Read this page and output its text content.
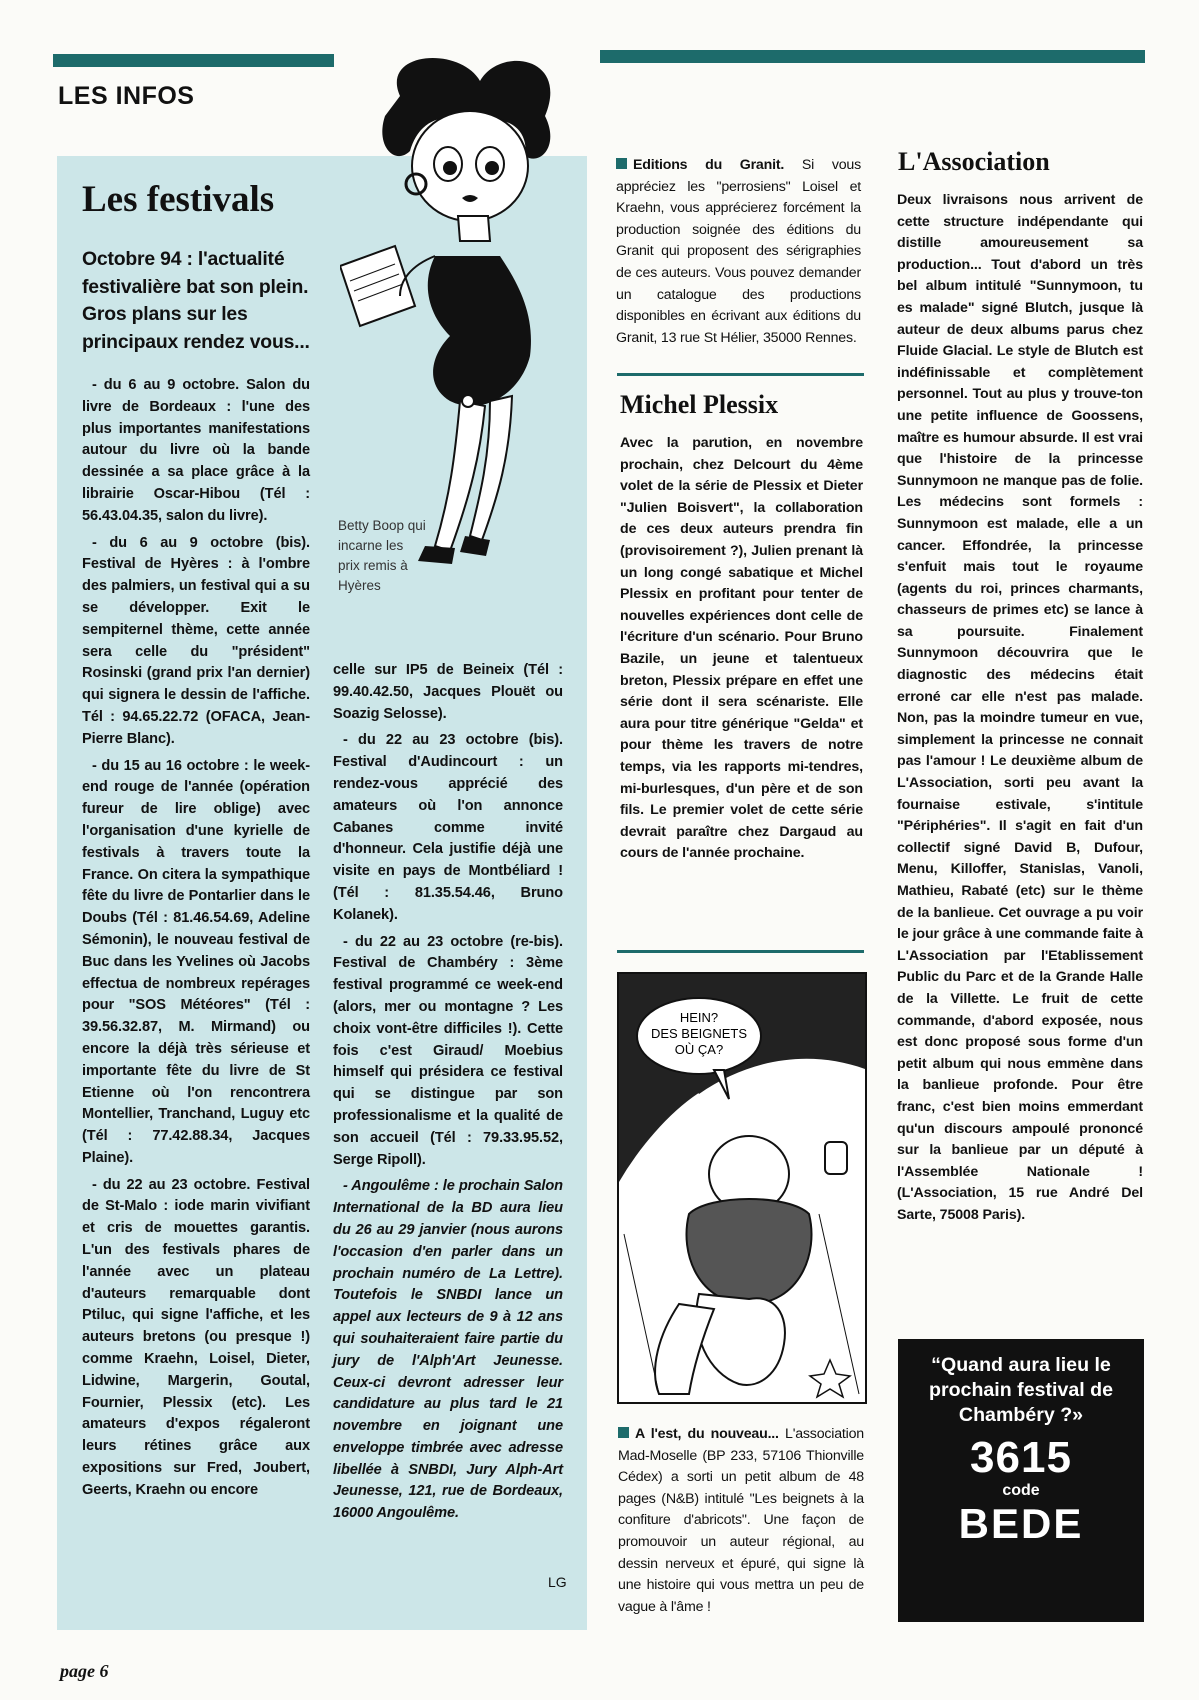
LES INFOS
Les festivals
Octobre 94 : l'actualité festivalière bat son plein. Gros plans sur les principaux rendez vous...
Betty Boop qui incarne les prix remis à Hyères

- du 6 au 9 octobre. Salon du livre de Bordeaux : l'une des plus importantes manifestations autour du livre où la bande dessinée a sa place grâce à la librairie Oscar-Hibou (Tél : 56.43.04.35, salon du livre).

- du 6 au 9 octobre (bis). Festival de Hyères : à l'ombre des palmiers, un festival qui a su se développer. Exit le sempiternel thème, cette année sera celle du "président" Rosinski (grand prix l'an dernier) qui signera le dessin de l'affiche. Tél : 94.65.22.72 (OFACA, Jean-Pierre Blanc).

- du 15 au 16 octobre : le week-end rouge de l'année (opération fureur de lire oblige) avec l'organisation d'une kyrielle de festivals à travers toute la France. On citera la sympathique fête du livre de Pontarlier dans le Doubs (Tél : 81.46.54.69, Adeline Sémonin), le nouveau festival de Buc dans les Yvelines où Jacobs effectua de nombreux repérages pour "SOS Météores" (Tél : 39.56.32.87, M. Mirmand) ou encore la déjà très sérieuse et importante fête du livre de St Etienne où l'on rencontrera Montellier, Tranchand, Luguy etc (Tél : 77.42.88.34, Jacques Plaine).

- du 22 au 23 octobre. Festival de St-Malo : iode marin vivifiant et cris de mouettes garantis. L'un des festivals phares de l'année avec un plateau d'auteurs remarquable dont Ptiluc, qui signe l'affiche, et les auteurs bretons (ou presque !) comme Kraehn, Loisel, Dieter, Lidwine, Margerin, Goutal, Fournier, Plessix (etc). Les amateurs d'expos régaleront leurs rétines grâce aux expositions sur Fred, Joubert, Geerts, Kraehn ou encore

celle sur IP5 de Beineix (Tél : 99.40.42.50, Jacques Plouët ou Soazig Selosse).

- du 22 au 23 octobre (bis). Festival d'Audincourt : un rendez-vous apprécié des amateurs où l'on annonce Cabanes comme invité d'honneur. Cela justifie déjà une visite en pays de Montbéliard ! (Tél : 81.35.54.46, Bruno Kolanek).

- du 22 au 23 octobre (re-bis). Festival de Chambéry : 3ème festival programmé ce week-end (alors, mer ou montagne ? Les choix vont-être difficiles !). Cette fois c'est Giraud/ Moebius himself qui présidera ce festival qui se distingue par son professionalisme et la qualité de son accueil (Tél : 79.33.95.52, Serge Ripoll).

- Angoulême : le prochain Salon International de la BD aura lieu du 26 au 29 janvier (nous aurons l'occasion d'en parler dans un prochain numéro de La Lettre). Toutefois le SNBDI lance un appel aux lecteurs de 9 à 12 ans qui souhaiteraient faire partie du jury de l'Alph'Art Jeunesse. Ceux-ci devront adresser leur candidature au plus tard le 21 novembre en joignant une enveloppe timbrée avec adresse libellée à SNBDI, Jury Alph-Art Jeunesse, 121, rue de Bordeaux, 16000 Angoulême.

LG
Editions du Granit. Si vous appréciez les "perrosiens" Loisel et Kraehn, vous apprécierez forcément la production soignée des éditions du Granit qui proposent des sérigraphies de ces auteurs. Vous pouvez demander un catalogue des productions disponibles en écrivant aux éditions du Granit, 13 rue St Hélier, 35000 Rennes.
Michel Plessix
Avec la parution, en novembre prochain, chez Delcourt du 4ème volet de la série de Plessix et Dieter "Julien Boisvert", la collaboration de ces deux auteurs prendra fin (provisoirement ?), Julien prenant là un long congé sabatique et Michel Plessix en profitant pour tenter de nouvelles expériences dont celle de l'écriture d'un scénario. Pour Bruno Bazile, un jeune et talentueux breton, Plessix prépare en effet une série dont il sera scénariste. Elle aura pour titre générique "Gelda" et pour thème les travers de notre temps, via les rapports mi-tendres, mi-burlesques, d'un père et de son fils. Le premier volet de cette série devrait paraître chez Dargaud au cours de l'année prochaine.
HEIN?
DES BEIGNETS
OÙ ÇA?
A l'est, du nouveau... L'association Mad-Moselle (BP 233, 57106 Thionville Cédex) a sorti un petit album de 48 pages (N&B) intitulé "Les beignets à la confiture d'abricots". Une façon de promouvoir un auteur régional, au dessin nerveux et épuré, qui signe là une histoire qui vous mettra un peu de vague à l'âme !
L'Association
Deux livraisons nous arrivent de cette structure indépendante qui distille amoureusement sa production... Tout d'abord un très bel album intitulé "Sunnymoon, tu es malade" signé Blutch, jusque là auteur de deux albums parus chez Fluide Glacial. Le style de Blutch est indéfinissable et complètement personnel. Tout au plus y trouve-ton une petite influence de Goossens, maître es humour absurde. Il est vrai que l'histoire de la princesse Sunnymoon ne manque pas de folie. Les médecins sont formels : Sunnymoon est malade, elle a un cancer. Effondrée, la princesse s'enfuit mais tout le royaume (agents du roi, princes charmants, chasseurs de primes etc) se lance à sa poursuite. Finalement Sunnymoon découvrira que le diagnostic des médecins était erroné car elle n'est pas malade. Non, pas la moindre tumeur en vue, simplement la princesse ne connait pas l'amour ! Le deuxième album de L'Association, sorti peu avant la fournaise estivale, s'intitule "Périphéries". Il s'agit en fait d'un collectif signé David B, Dufour, Menu, Killoffer, Stanislas, Vanoli, Mathieu, Rabaté (etc) sur le thème de la banlieue. Cet ouvrage a pu voir le jour grâce à une commande faite à L'Association par l'Etablissement Public du Parc et de la Grande Halle de la Villette. Le fruit de cette commande, d'abord exposée, nous est donc proposé sous forme d'un petit album qui nous emmène dans la banlieue profonde. Pour être franc, c'est bien moins emmerdant qu'un discours ampoulé prononcé sur la banlieue par un député à l'Assemblée Nationale ! (L'Association, 15 rue André Del Sarte, 75008 Paris).
“Quand aura lieu le prochain festival de Chambéry ?»
3615
code
BEDE
page 6
